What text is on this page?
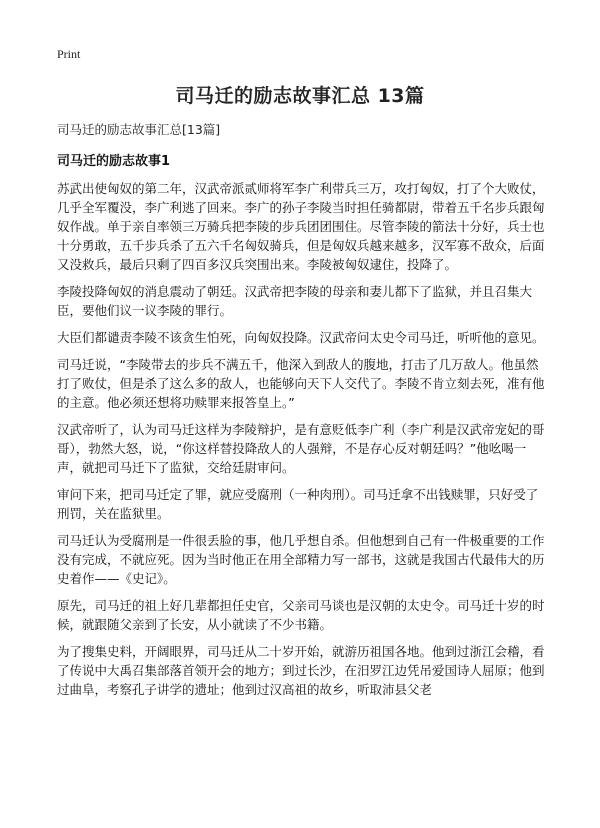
Print
司马迁的励志故事汇总 13篇

司马迁的励志故事汇总[13篇]

司马迁的励志故事1

苏武出使匈奴的第二年，汉武帝派贰师将军李广利带兵三万，攻打匈奴，打了个大败仗，几乎全军覆没，李广利逃了回来。李广的孙子李陵当时担任骑都尉，带着五千名步兵跟匈奴作战。单于亲自率领三万骑兵把李陵的步兵团团围住。尽管李陵的箭法十分好，兵士也十分勇敢，五千步兵杀了五六千名匈奴骑兵，但是匈奴兵越来越多，汉军寡不敌众，后面又没救兵，最后只剩了四百多汉兵突围出来。李陵被匈奴逮住，投降了。

李陵投降匈奴的消息震动了朝廷。汉武帝把李陵的母亲和妻儿都下了监狱，并且召集大臣，要他们议一议李陵的罪行。

大臣们都谴责李陵不该贪生怕死，向匈奴投降。汉武帝问太史令司马迁，听听他的意见。

司马迁说，“李陵带去的步兵不满五千，他深入到敌人的腹地，打击了几万敌人。他虽然打了败仗，但是杀了这么多的敌人，也能够向天下人交代了。李陵不肯立刻去死，准有他的主意。他必须还想将功赎罪来报答皇上。”

汉武帝听了，认为司马迁这样为李陵辩护，是有意贬低李广利（李广利是汉武帝宠妃的哥哥），勃然大怒，说，“你这样替投降敌人的人强辩，不是存心反对朝廷吗？”他吆喝一声，就把司马迁下了监狱，交给廷尉审问。

审问下来，把司马迁定了罪，就应受腐刑（一种肉刑）。司马迁拿不出钱赎罪，只好受了刑罚，关在监狱里。

司马迁认为受腐刑是一件很丢脸的事，他几乎想自杀。但他想到自己有一件极重要的工作没有完成，不就应死。因为当时他正在用全部精力写一部书，这就是我国古代最伟大的历史着作——《史记》。

原先，司马迁的祖上好几辈都担任史官，父亲司马谈也是汉朝的太史令。司马迁十岁的时候，就跟随父亲到了长安，从小就读了不少书籍。

为了搜集史料，开阔眼界，司马迁从二十岁开始，就游历祖国各地。他到过浙江会稽，看了传说中大禹召集部落首领开会的地方；到过长沙，在汨罗江边凭吊爱国诗人屈原；他到过曲阜，考察孔子讲学的遗址；他到过汉高祖的故乡，听取沛县父老
